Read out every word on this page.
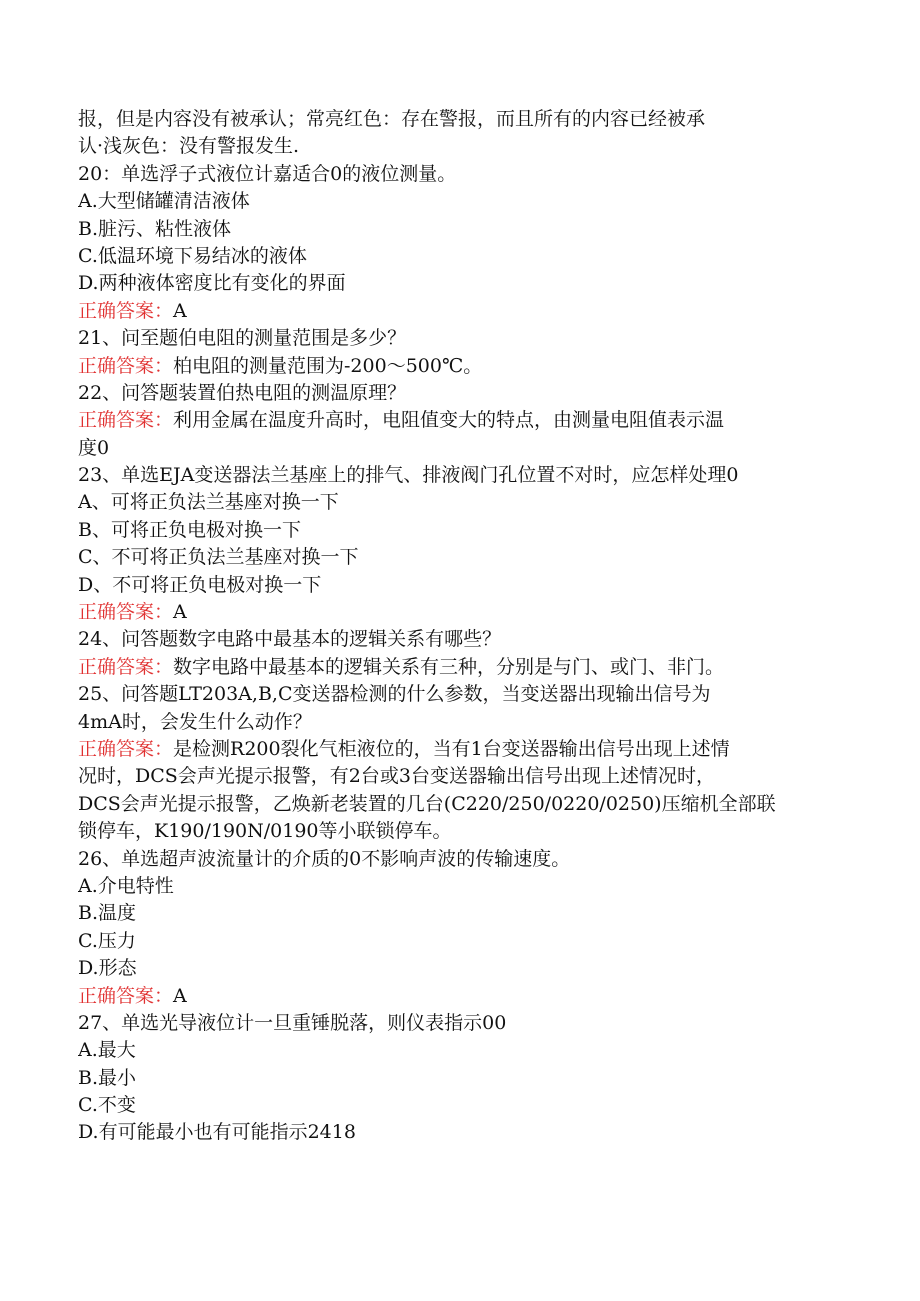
报，但是内容没有被承认；常亮红色：存在警报，而且所有的内容已经被承
认·浅灰色：没有警报发生.
20：单选浮子式液位计嘉适合0的液位测量。
A.大型储罐清洁液体
B.脏污、粘性液体
C.低温环境下易结冰的液体
D.两种液体密度比有变化的界面
正确答案：A
21、问至题伯电阻的测量范围是多少？
正确答案：柏电阻的测量范围为-200～500℃。
22、问答题装置伯热电阻的测温原理？
正确答案：利用金属在温度升高时，电阻值变大的特点，由测量电阻值表示温
度0
23、单选EJA变送器法兰基座上的排气、排液阀门孔位置不对时，应怎样处理0
A、可将正负法兰基座对换一下
B、可将正负电极对换一下
C、不可将正负法兰基座对换一下
D、不可将正负电极对换一下
正确答案：A
24、问答题数字电路中最基本的逻辑关系有哪些？
正确答案：数字电路中最基本的逻辑关系有三种，分别是与门、或门、非门。
25、问答题LT203A,B,C变送器检测的什么参数，当变送器出现输出信号为
4mA时，会发生什么动作？
正确答案：是检测R200裂化气柜液位的，当有1台变送器输出信号出现上述情
况时，DCS会声光提示报警，有2台或3台变送器输出信号出现上述情况时，
DCS会声光提示报警，乙焕新老装置的几台(C220/250/0220/0250)压缩机全部联
锁停车，K190/190N/0190等小联锁停车。
26、单选超声波流量计的介质的0不影响声波的传输速度。
A.介电特性
B.温度
C.压力
D.形态
正确答案：A
27、单选光导液位计一旦重锤脱落，则仪表指示00
A.最大
B.最小
C.不变
D.有可能最小也有可能指示2418
